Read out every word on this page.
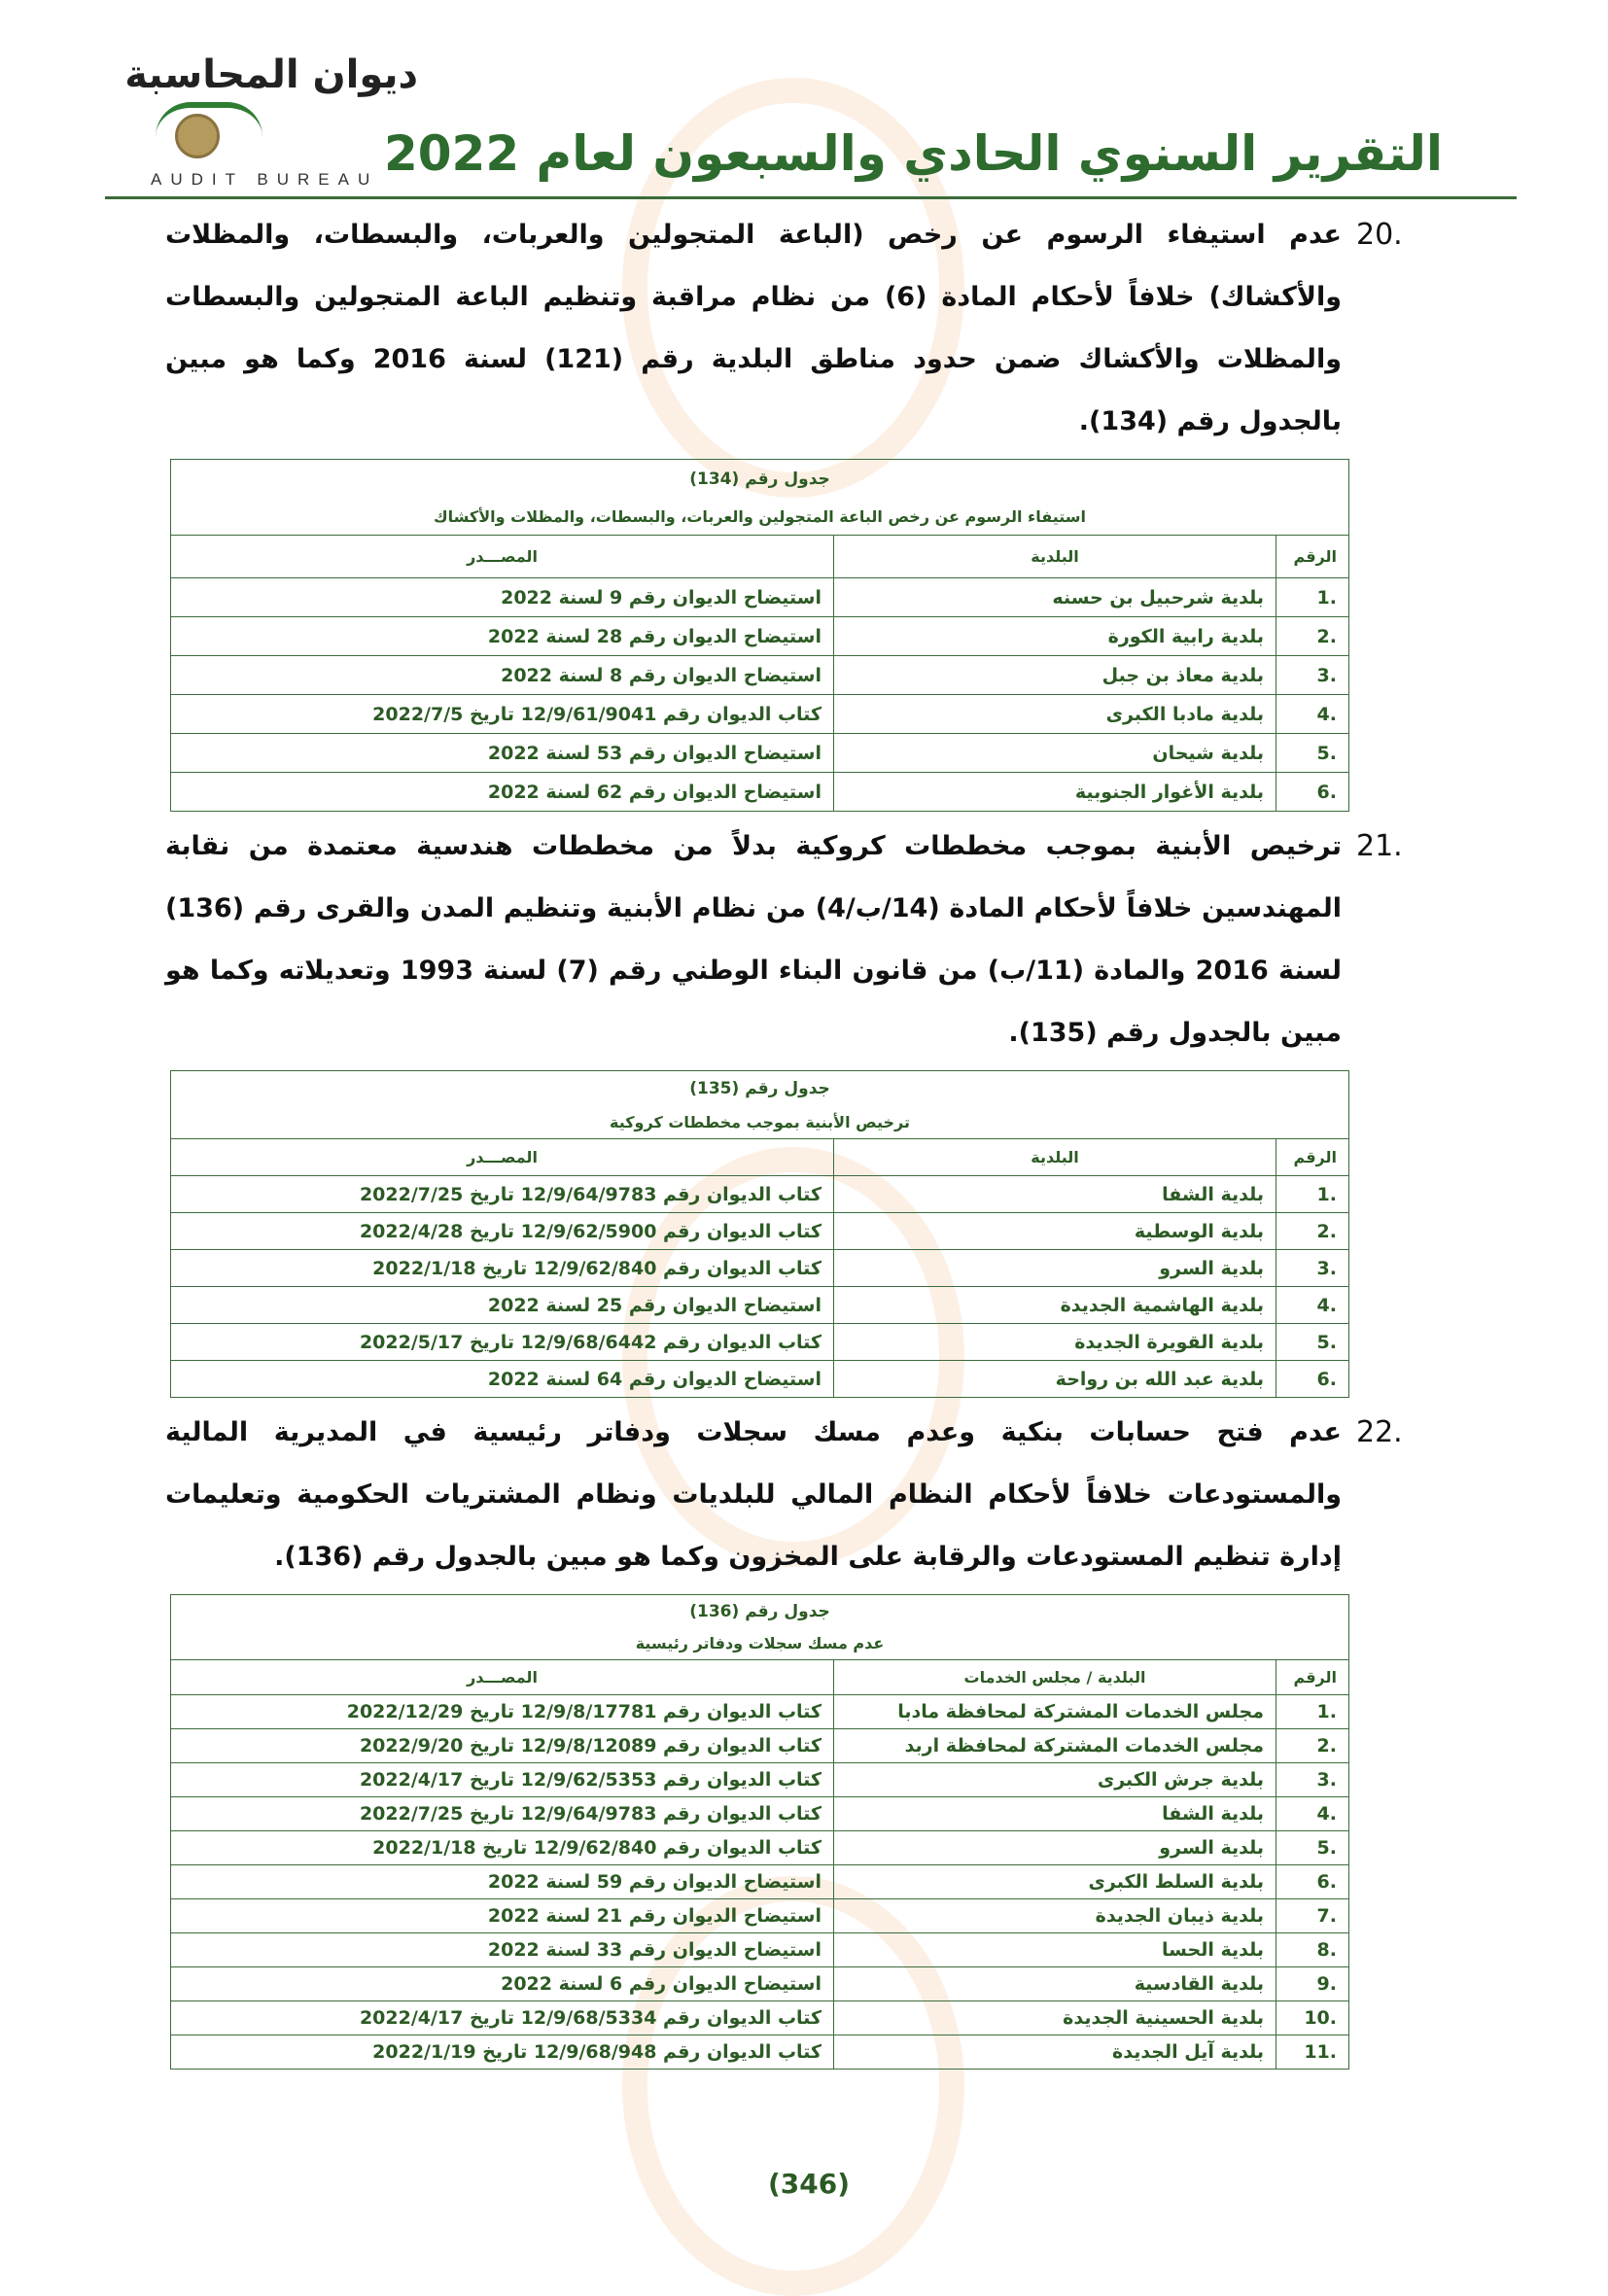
ديوان المحاسبة
AUDIT BUREAU التقرير السنوي الحادي والسبعون لعام 2022
20.
عدم استيفاء الرسوم عن رخص (الباعة المتجولين والعربات، والبسطات، والمظلات والأكشاك) خلافاً لأحكام المادة (6) من نظام مراقبة وتنظيم الباعة المتجولين والبسطات والمظلات والأكشاك ضمن حدود مناطق البلدية رقم (121) لسنة 2016 وكما هو مبين بالجدول رقم (134).
جدول رقم (134)		
استيفاء الرسوم عن رخص الباعة المتجولين والعربات، والبسطات، والمظلات والأكشاك		
الرقم	البلدية	المصـــدر
1.	بلدية شرحبيل بن حسنه	استيضاح الديوان رقم 9 لسنة 2022
2.	بلدية رابية الكورة	استيضاح الديوان رقم 28 لسنة 2022
3.	بلدية معاذ بن جبل	استيضاح الديوان رقم 8 لسنة 2022
4.	بلدية مادبا الكبرى	كتاب الديوان رقم 12/9/61/9041 تاريخ 2022/7/5
5.	بلدية شيحان	استيضاح الديوان رقم 53 لسنة 2022
6.	بلدية الأغوار الجنوبية	استيضاح الديوان رقم 62 لسنة 2022
21.
ترخيص الأبنية بموجب مخططات كروكية بدلاً من مخططات هندسية معتمدة من نقابة المهندسين خلافاً لأحكام المادة (14/ب/4) من نظام الأبنية وتنظيم المدن والقرى رقم (136) لسنة 2016 والمادة (11/ب) من قانون البناء الوطني رقم (7) لسنة 1993 وتعديلاته وكما هو مبين بالجدول رقم (135).
جدول رقم (135)		
ترخيص الأبنية بموجب مخططات كروكية		
الرقم	البلدية	المصـــدر
1.	بلدية الشفا	كتاب الديوان رقم 12/9/64/9783 تاريخ 2022/7/25
2.	بلدية الوسطية	كتاب الديوان رقم 12/9/62/5900 تاريخ 2022/4/28
3.	بلدية السرو	كتاب الديوان رقم 12/9/62/840 تاريخ 2022/1/18
4.	بلدية الهاشمية الجديدة	استيضاح الديوان رقم 25 لسنة 2022
5.	بلدية القويرة الجديدة	كتاب الديوان رقم 12/9/68/6442 تاريخ 2022/5/17
6.	بلدية عبد الله بن رواحة	استيضاح الديوان رقم 64 لسنة 2022
22.
عدم فتح حسابات بنكية وعدم مسك سجلات ودفاتر رئيسية في المديرية المالية والمستودعات خلافاً لأحكام النظام المالي للبلديات ونظام المشتريات الحكومية وتعليمات إدارة تنظيم المستودعات والرقابة على المخزون وكما هو مبين بالجدول رقم (136).
جدول رقم (136)		
عدم مسك سجلات ودفاتر رئيسية		
الرقم	البلدية / مجلس الخدمات	المصـــدر
1.	مجلس الخدمات المشتركة لمحافظة مادبا	كتاب الديوان رقم 12/9/8/17781 تاريخ 2022/12/29
2.	مجلس الخدمات المشتركة لمحافظة اربد	كتاب الديوان رقم 12/9/8/12089 تاريخ 2022/9/20
3.	بلدية جرش الكبرى	كتاب الديوان رقم 12/9/62/5353 تاريخ 2022/4/17
4.	بلدية الشفا	كتاب الديوان رقم 12/9/64/9783 تاريخ 2022/7/25
5.	بلدية السرو	كتاب الديوان رقم 12/9/62/840 تاريخ 2022/1/18
6.	بلدية السلط الكبرى	استيضاح الديوان رقم 59 لسنة 2022
7.	بلدية ذيبان الجديدة	استيضاح الديوان رقم 21 لسنة 2022
8.	بلدية الحسا	استيضاح الديوان رقم 33 لسنة 2022
9.	بلدية القادسية	استيضاح الديوان رقم 6 لسنة 2022
10.	بلدية الحسينية الجديدة	كتاب الديوان رقم 12/9/68/5334 تاريخ 2022/4/17
11.	بلدية آيل الجديدة	كتاب الديوان رقم 12/9/68/948 تاريخ 2022/1/19
(346)
